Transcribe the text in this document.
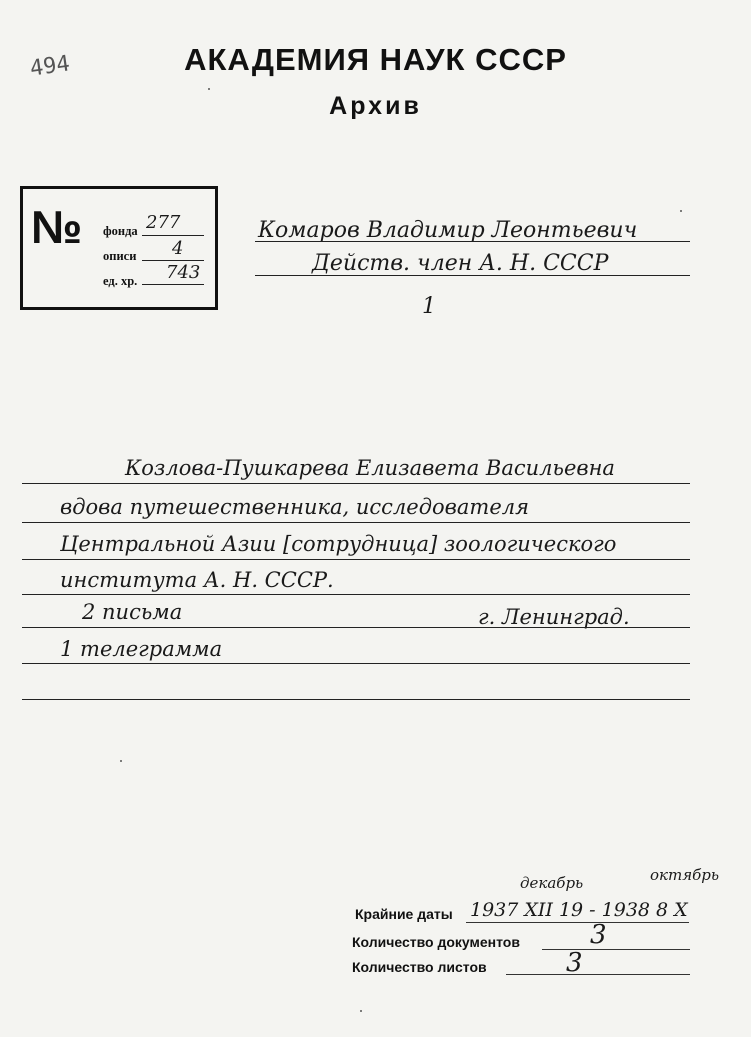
АКАДЕМИЯ НАУК СССР
Архив
494
№ фонда 277
описи 4
ед. хр. 743
Комаров Владимир Леонтьевич
Действ. член А. Н. СССР
1
Козлова-Пушкарева Елизавета Васильевна
вдова путешественника, исследователя
Центральной Азии [сотрудница] зоологического
института А. Н. СССР.
2 письма	г. Ленинград.
1 телеграмма
декабрь	октябрь
Крайние даты 1937 XII 19 - 1938 8 X
Количество документов	3
Количество листов	3
